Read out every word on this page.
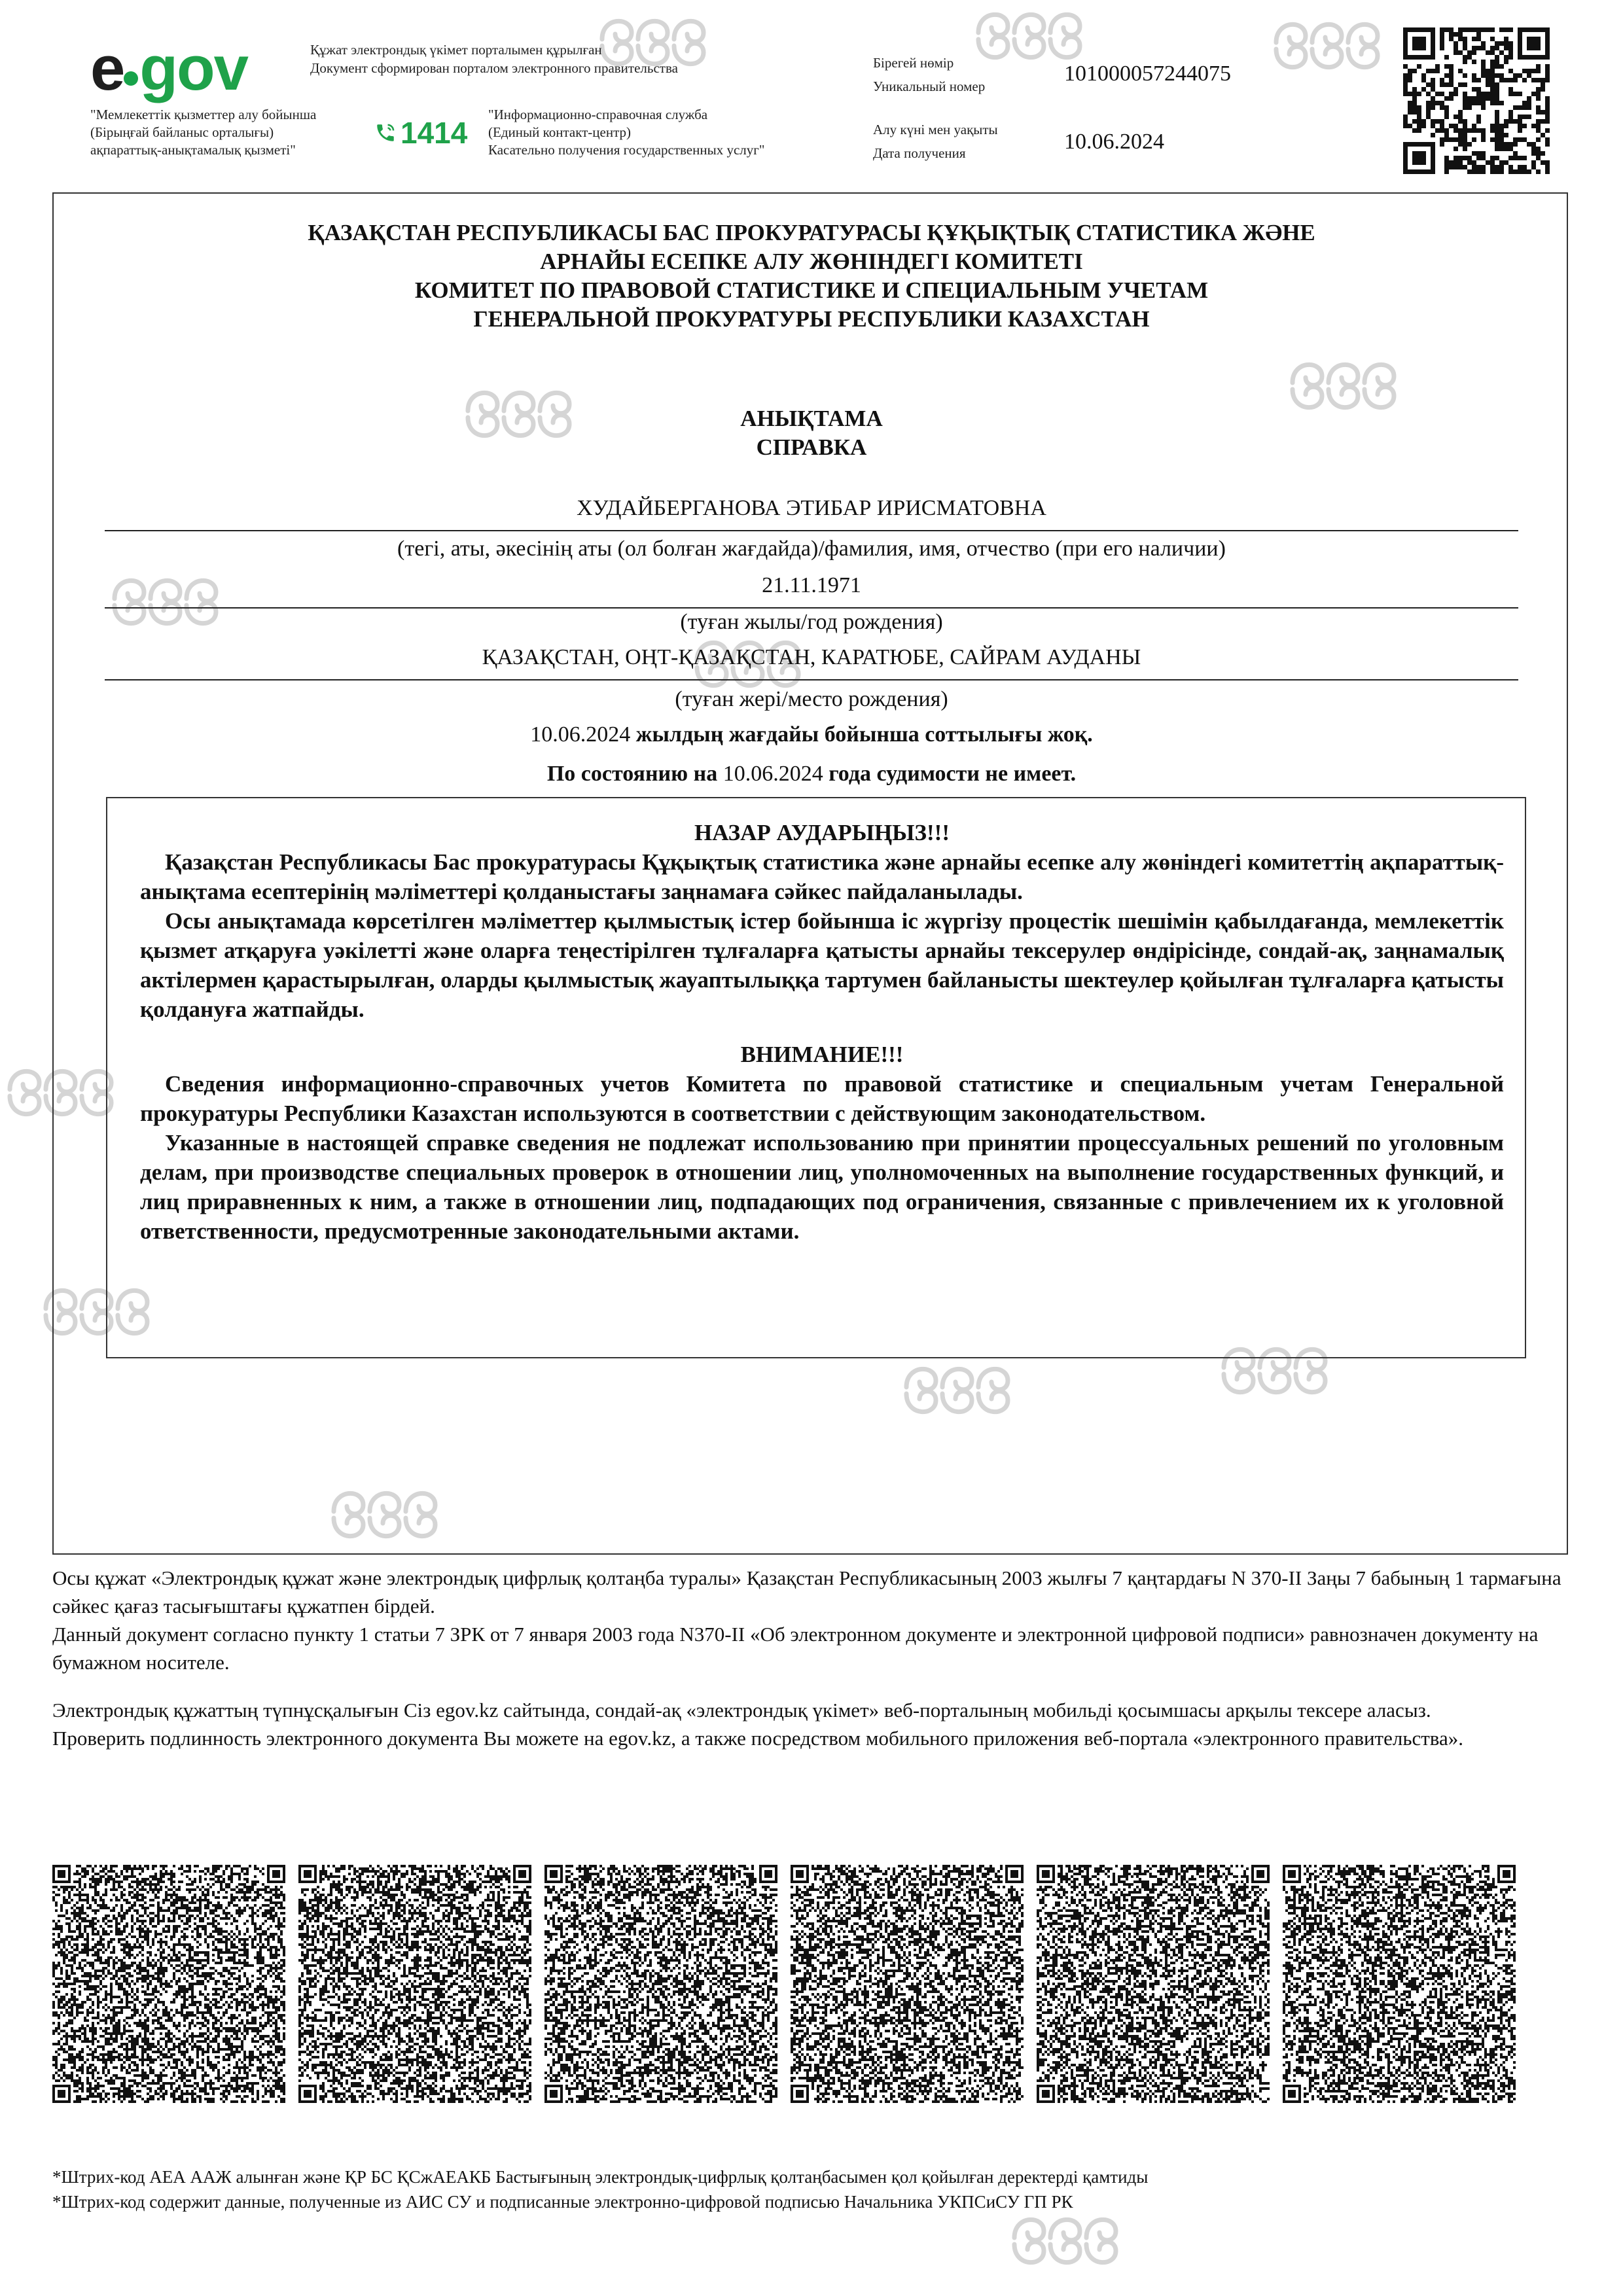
e gov	Құжат электрондық үкімет порталымен құрылған
Документ сформирован порталом электронного правительства
"Мемлекеттік қызметтер алу бойынша
(Бірыңғай байланыс орталығы)
ақпараттық-анықтамалық қызметі"	1414
"Информационно-справочная служба
(Единый контакт-центр)
Касательно получения государственных услуг"
Бірегей нөмір
Уникальный номер
101000057244075
Алу күні мен уақыты
Дата получения	10.06.2024
ҚАЗАҚСТАН РЕСПУБЛИКАСЫ БАС ПРОКУРАТУРАСЫ ҚҰҚЫҚТЫҚ СТАТИСТИКА ЖӘНЕ
АРНАЙЫ ЕСЕПКЕ АЛУ ЖӨНІНДЕГІ КОМИТЕТІ
КОМИТЕТ ПО ПРАВОВОЙ СТАТИСТИКЕ И СПЕЦИАЛЬНЫМ УЧЕТАМ
ГЕНЕРАЛЬНОЙ ПРОКУРАТУРЫ РЕСПУБЛИКИ КАЗАХСТАН
АНЫҚТАМА
СПРАВКА
ХУДАЙБЕРГАНОВА ЭТИБАР ИРИСМАТОВНА
(тегі, аты, әкесінің аты (ол болған жағдайда)/фамилия, имя, отчество (при его наличии)
21.11.1971
(туған жылы/год рождения)
ҚАЗАҚСТАН, ОҢТ-ҚАЗАҚСТАН, КАРАТЮБЕ, САЙРАМ АУДАНЫ
(туған жері/место рождения)
10.06.2024 жылдың жағдайы бойынша соттылығы жоқ.
По состоянию на 10.06.2024 года судимости не имеет.

НАЗАР АУДАРЫҢЫЗ!!!

Қазақстан Республикасы Бас прокуратурасы Құқықтық статистика және арнайы есепке алу жөніндегі комитеттің ақпараттық-анықтама есептерінің мәліметтері қолданыстағы заңнамаға сәйкес пайдаланылады.

Осы анықтамада көрсетілген мәліметтер қылмыстық істер бойынша іс жүргізу процестік шешімін қабылдағанда, мемлекеттік қызмет атқаруға уәкілетті және оларға теңестірілген тұлғаларға қатысты арнайы тексерулер өндірісінде, сондай-ақ, заңнамалық актілермен қарастырылған, оларды қылмыстық жауаптылыққа тартумен байланысты шектеулер қойылған тұлғаларға қатысты қолдануға жатпайды.

ВНИМАНИЕ!!!

Сведения информационно-справочных учетов Комитета по правовой статистике и специальным учетам Генеральной прокуратуры Республики Казахстан используются в соответствии с действующим законодательством.

Указанные в настоящей справке сведения не подлежат использованию при принятии процессуальных решений по уголовным делам, при производстве специальных проверок в отношении лиц, уполномоченных на выполнение государственных функций, и лиц приравненных к ним, а также в отношении лиц, подпадающих под ограничения, связанные с привлечением их к уголовной ответственности, предусмотренные законодательными актами.

Осы құжат «Электрондық құжат және электрондық цифрлық қолтаңба туралы» Қазақстан Республикасының 2003 жылғы 7 қаңтардағы N 370-II Заңы 7 бабының 1 тармағына сәйкес қағаз тасығыштағы құжатпен бірдей.

Данный документ согласно пункту 1 статьи 7 ЗРК от 7 января 2003 года N370-II «Об электронном документе и электронной цифровой подписи» равнозначен документу на бумажном носителе.

Электрондық құжаттың түпнұсқалығын Сіз egov.kz сайтында, сондай-ақ «электрондық үкімет» веб-порталының мобильді қосымшасы арқылы тексере аласыз.

Проверить подлинность электронного документа Вы можете на egov.kz, а также посредством мобильного приложения веб-портала «электронного правительства».

*Штрих-код АЕА ААЖ алынған және ҚР БС ҚСжАЕАКБ Бастығының электрондық-цифрлық қолтаңбасымен қол қойылған деректерді қамтиды
*Штрих-код содержит данные, полученные из АИС СУ и подписанные электронно-цифровой подписью Начальника УКПСиСУ ГП РК
